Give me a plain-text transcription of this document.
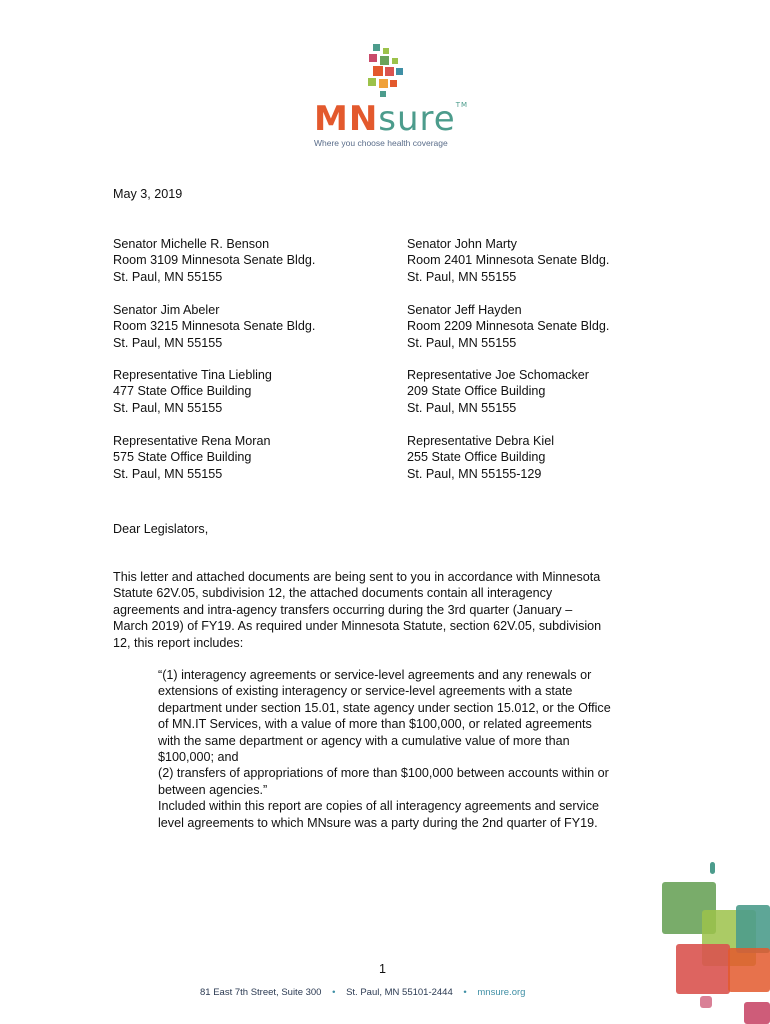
MNsure™
Where you choose health coverage
May 3, 2019
Senator Michelle R. Benson
Room 3109 Minnesota Senate Bldg.
St. Paul, MN 55155
Senator Jim Abeler
Room 3215 Minnesota Senate Bldg.
St. Paul, MN 55155
Representative Tina Liebling
477 State Office Building
St. Paul, MN 55155
Representative Rena Moran
575 State Office Building
St. Paul, MN 55155
Senator John Marty
Room 2401 Minnesota Senate Bldg.
St. Paul, MN 55155
Senator Jeff Hayden
Room 2209 Minnesota Senate Bldg.
St. Paul, MN 55155
Representative Joe Schomacker
209 State Office Building
St. Paul, MN 55155
Representative Debra Kiel
255 State Office Building
St. Paul, MN 55155-129
Dear Legislators,
This letter and attached documents are being sent to you in accordance with Minnesota
Statute 62V.05, subdivision 12, the attached documents contain all interagency
agreements and intra-agency transfers occurring during the 3rd quarter (January –
March 2019) of FY19. As required under Minnesota Statute, section 62V.05, subdivision
12, this report includes:
“(1) interagency agreements or service-level agreements and any renewals or
extensions of existing interagency or service-level agreements with a state
department under section 15.01, state agency under section 15.012, or the Office
of MN.IT Services, with a value of more than $100,000, or related agreements
with the same department or agency with a cumulative value of more than
$100,000; and
(2) transfers of appropriations of more than $100,000 between accounts within or
between agencies.”
Included within this report are copies of all interagency agreements and service
level agreements to which MNsure was a party during the 2nd quarter of FY19.
1
81 East 7th Street, Suite 300 • St. Paul, MN 55101-2444 • mnsure.org
